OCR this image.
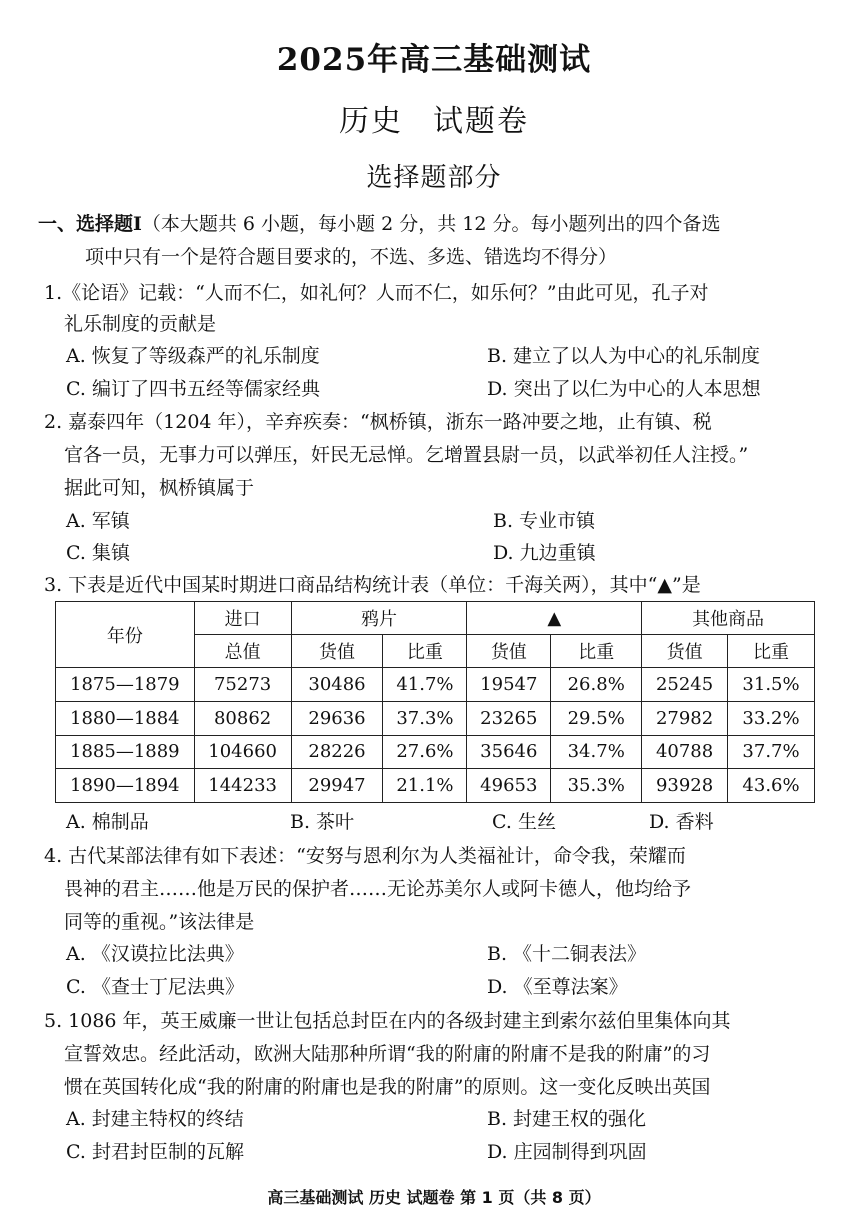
2025年高三基础测试
历史 试题卷
选择题部分
一、选择题Ⅰ（本大题共 6 小题，每小题 2 分，共 12 分。每小题列出的四个备选
项中只有一个是符合题目要求的，不选、多选、错选均不得分）
1.《论语》记载：“人而不仁，如礼何？人而不仁，如乐何？”由此可见，孔子对
礼乐制度的贡献是
A. 恢复了等级森严的礼乐制度	B. 建立了以人为中心的礼乐制度
C. 编订了四书五经等儒家经典	D. 突出了以仁为中心的人本思想
2. 嘉泰四年（1204 年），辛弃疾奏：“枫桥镇，浙东一路冲要之地，止有镇、税
官各一员，无事力可以弹压，奸民无忌惮。乞增置县尉一员，以武举初任人注授。”
据此可知，枫桥镇属于
A. 军镇	B. 专业市镇
C. 集镇	D. 九边重镇
3. 下表是近代中国某时期进口商品结构统计表（单位：千海关两），其中“▲”是
年份	进口	鸦片		▲		其他商品	
	总值	货值	比重	货值	比重	货值	比重
1875—1879	75273	30486	41.7%	19547	26.8%	25245	31.5%
1880—1884	80862	29636	37.3%	23265	29.5%	27982	33.2%
1885—1889	104660	28226	27.6%	35646	34.7%	40788	37.7%
1890—1894	144233	29947	21.1%	49653	35.3%	93928	43.6%
A. 棉制品	B. 茶叶	C. 生丝	D. 香料
4. 古代某部法律有如下表述：“安努与恩利尔为人类福祉计，命令我，荣耀而
畏神的君主……他是万民的保护者……无论苏美尔人或阿卡德人，他均给予
同等的重视。”该法律是
A. 《汉谟拉比法典》	B. 《十二铜表法》
C. 《查士丁尼法典》	D. 《至尊法案》
5. 1086 年，英王威廉一世让包括总封臣在内的各级封建主到索尔兹伯里集体向其
宣誓效忠。经此活动，欧洲大陆那种所谓“我的附庸的附庸不是我的附庸”的习
惯在英国转化成“我的附庸的附庸也是我的附庸”的原则。这一变化反映出英国
A. 封建主特权的终结	B. 封建王权的强化
C. 封君封臣制的瓦解	D. 庄园制得到巩固
高三基础测试 历史 试题卷 第 1 页（共 8 页）
